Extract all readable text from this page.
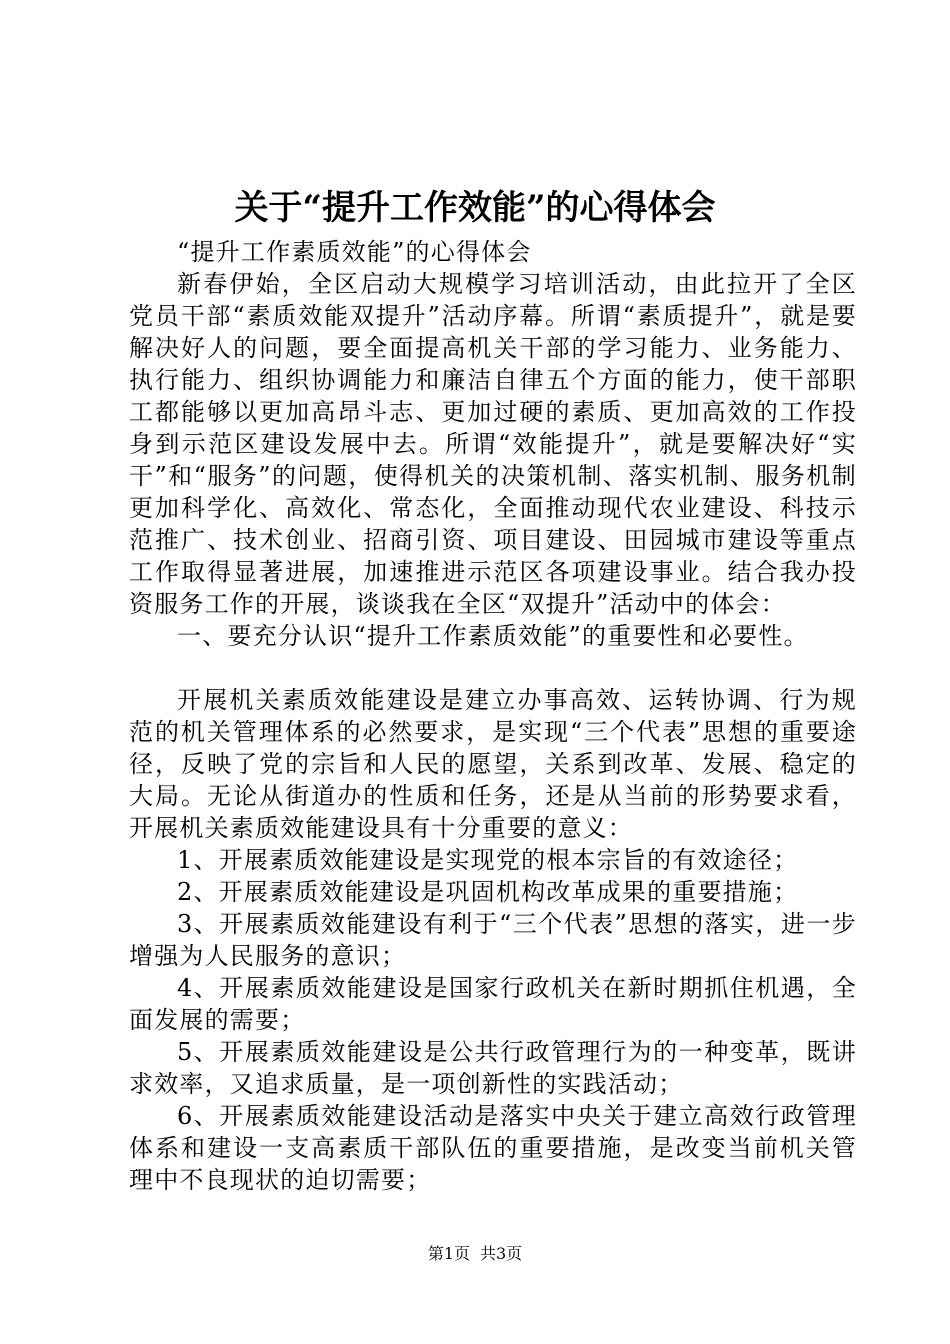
关于“提升工作效能”的心得体会

“提升工作素质效能”的心得体会

新春伊始，全区启动大规模学习培训活动，由此拉开了全区党员干部“素质效能双提升”活动序幕。所谓“素质提升”，就是要解决好人的问题，要全面提高机关干部的学习能力、业务能力、执行能力、组织协调能力和廉洁自律五个方面的能力，使干部职工都能够以更加高昂斗志、更加过硬的素质、更加高效的工作投身到示范区建设发展中去。所谓“效能提升”，就是要解决好“实干”和“服务”的问题，使得机关的决策机制、落实机制、服务机制更加科学化、高效化、常态化，全面推动现代农业建设、科技示范推广、技术创业、招商引资、项目建设、田园城市建设等重点工作取得显著进展，加速推进示范区各项建设事业。结合我办投资服务工作的开展，谈谈我在全区“双提升”活动中的体会：

一、要充分认识“提升工作素质效能”的重要性和必要性。

开展机关素质效能建设是建立办事高效、运转协调、行为规范的机关管理体系的必然要求，是实现“三个代表”思想的重要途径，反映了党的宗旨和人民的愿望，关系到改革、发展、稳定的大局。无论从街道办的性质和任务，还是从当前的形势要求看，开展机关素质效能建设具有十分重要的意义：

1、开展素质效能建设是实现党的根本宗旨的有效途径；

2、开展素质效能建设是巩固机构改革成果的重要措施；

3、开展素质效能建设有利于“三个代表”思想的落实，进一步增强为人民服务的意识；

4、开展素质效能建设是国家行政机关在新时期抓住机遇，全面发展的需要；

5、开展素质效能建设是公共行政管理行为的一种变革，既讲求效率，又追求质量，是一项创新性的实践活动；

6、开展素质效能建设活动是落实中央关于建立高效行政管理体系和建设一支高素质干部队伍的重要措施，是改变当前机关管理中不良现状的迫切需要；

第1页 共3页
